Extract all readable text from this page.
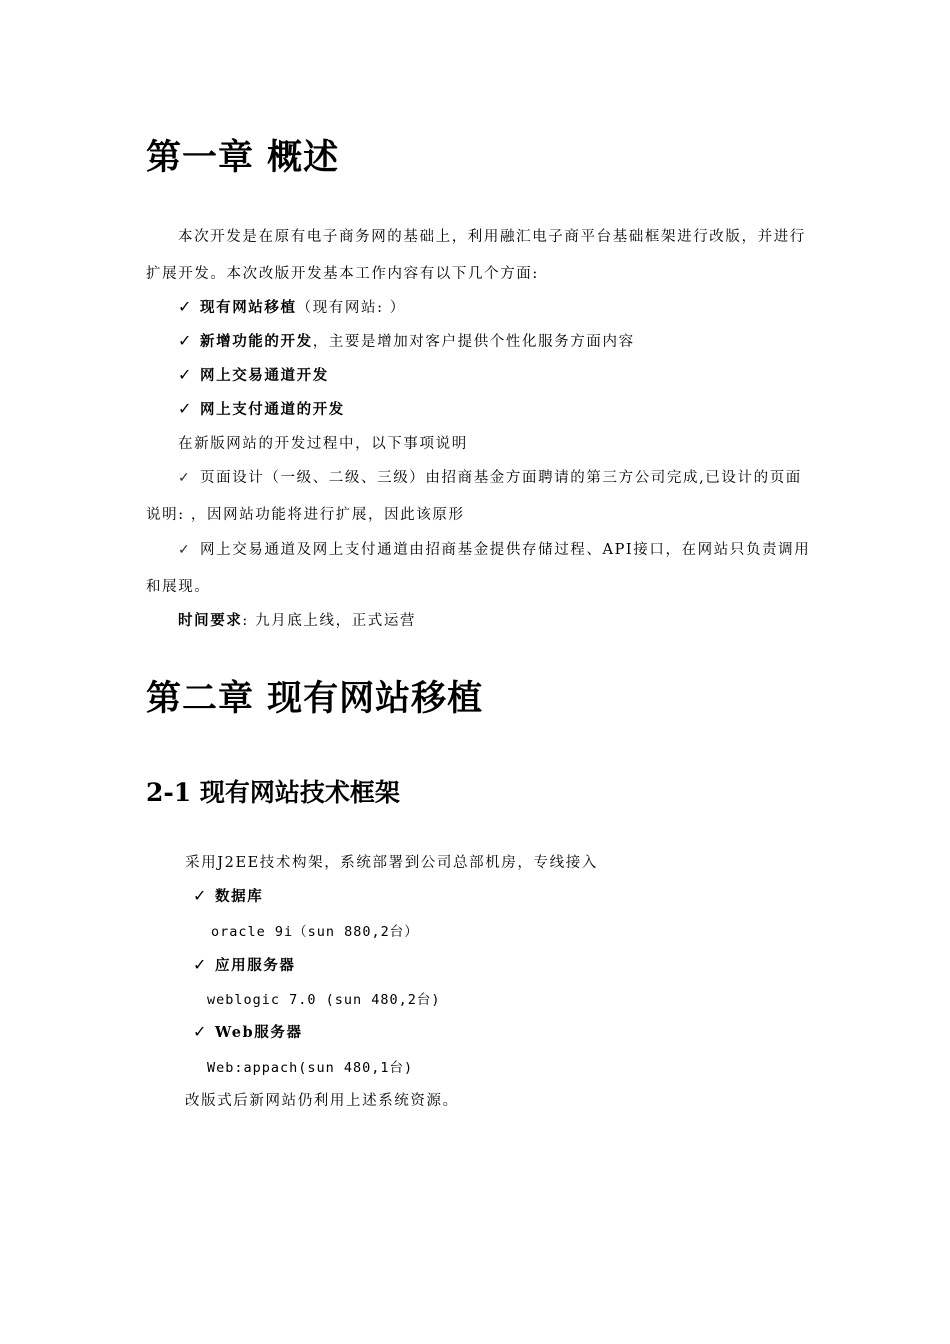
第一章 概述
本次开发是在原有电子商务网的基础上，利用融汇电子商平台基础框架进行改版，并进行
扩展开发。本次改版开发基本工作内容有以下几个方面:
✓ 现有网站移植（现有网站: ）
✓ 新增功能的开发，主要是增加对客户提供个性化服务方面内容
✓ 网上交易通道开发
✓ 网上支付通道的开发
在新版网站的开发过程中，以下事项说明
✓ 页面设计（一级、二级、三级）由招商基金方面聘请的第三方公司完成,已设计的页面
说明: ，因网站功能将进行扩展，因此该原形
✓ 网上交易通道及网上支付通道由招商基金提供存储过程、API接口，在网站只负责调用
和展现。
时间要求: 九月底上线，正式运营
第二章 现有网站移植
2-1 现有网站技术框架
采用J2EE技术构架，系统部署到公司总部机房，专线接入
✓ 数据库
oracle 9i（sun 880,2台）
✓ 应用服务器
weblogic 7.0 (sun 480,2台)
✓ Web服务器
Web:appach(sun 480,1台)
改版式后新网站仍利用上述系统资源。
